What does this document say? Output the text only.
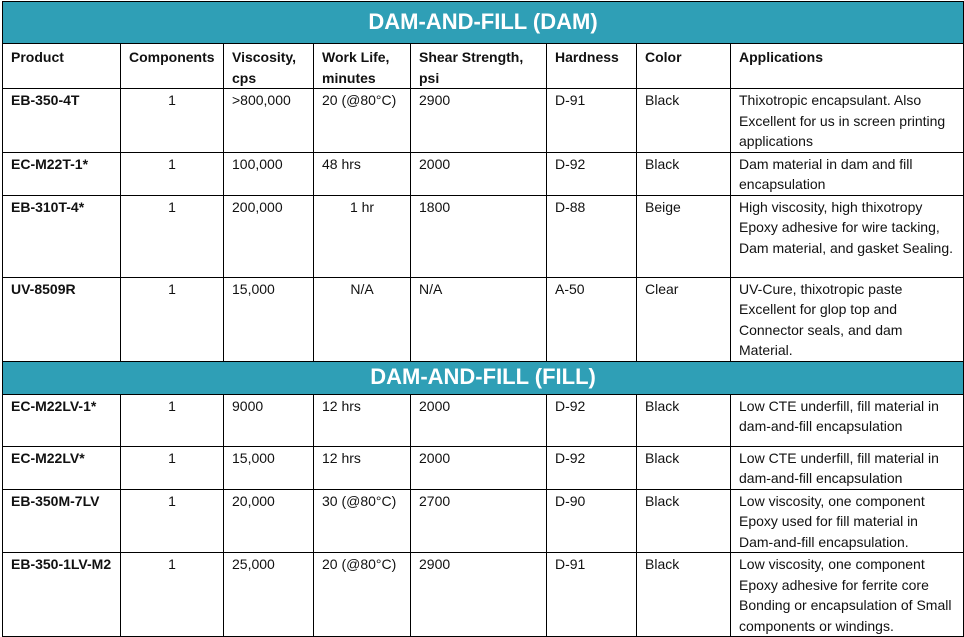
DAM-AND-FILL (DAM)							
Product	Components	Viscosity, cps	Work Life, minutes	Shear Strength, psi	Hardness	Color	Applications
EB-350-4T	1	>800,000	20 (@80°C)	2900	D-91	Black	Thixotropic encapsulant. Also Excellent for us in screen printing applications
EC-M22T-1*	1	100,000	48 hrs	2000	D-92	Black	Dam material in dam and fill encapsulation
EB-310T-4*	1	200,000	1 hr	1800	D-88	Beige	High viscosity, high thixotropy Epoxy adhesive for wire tacking, Dam material, and gasket Sealing.
UV-8509R	1	15,000	N/A	N/A	A-50	Clear	UV-Cure, thixotropic paste Excellent for glop top and Connector seals, and dam Material.
DAM-AND-FILL (FILL)							
EC-M22LV-1*	1	9000	12 hrs	2000	D-92	Black	Low CTE underfill, fill material in dam-and-fill encapsulation
EC-M22LV*	1	15,000	12 hrs	2000	D-92	Black	Low CTE underfill, fill material in dam-and-fill encapsulation
EB-350M-7LV	1	20,000	30 (@80°C)	2700	D-90	Black	Low viscosity, one component Epoxy used for fill material in Dam-and-fill encapsulation.
EB-350-1LV-M2	1	25,000	20 (@80°C)	2900	D-91	Black	Low viscosity, one component Epoxy adhesive for ferrite core Bonding or encapsulation of Small components or windings.
